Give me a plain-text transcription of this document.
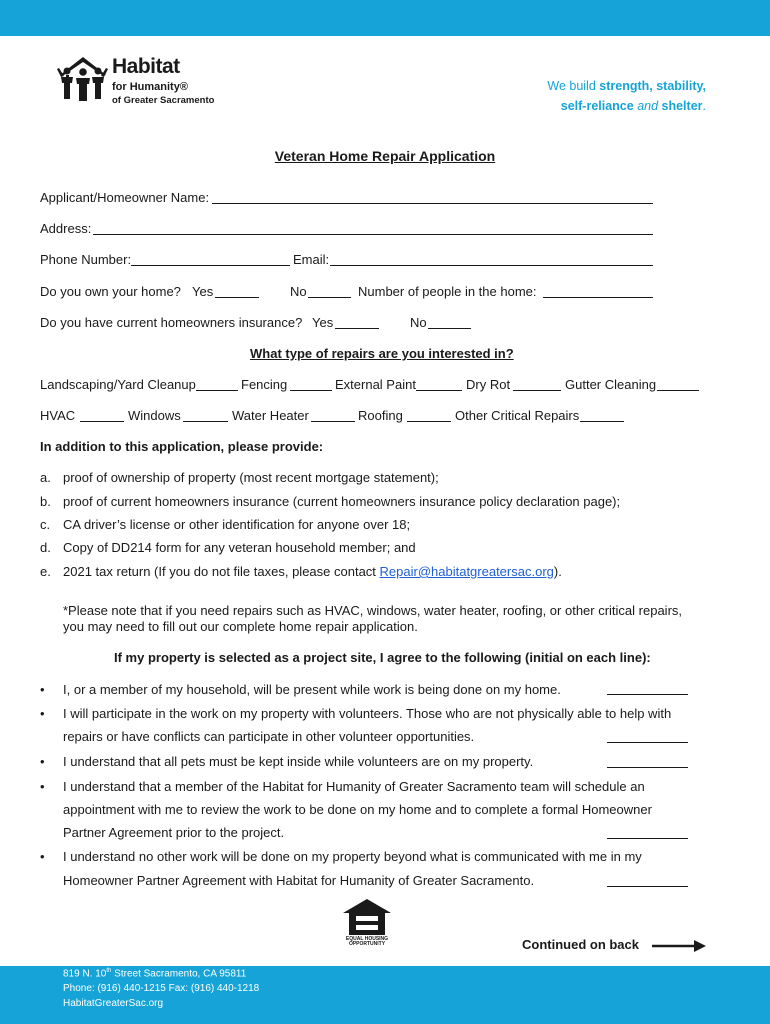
Habitat
for Humanity®
of Greater Sacramento
We build strength, stability,
self-reliance and shelter.
Veteran Home Repair Application
Applicant/Homeowner Name:
Address:
Phone Number:	Email:
Do you own your home? Yes	No	Number of people in the home:
Do you have current homeowners insurance? Yes	No
What type of repairs are you interested in?
Landscaping/Yard Cleanup	Fencing	External Paint	Dry Rot	Gutter Cleaning
HVAC	Windows	Water Heater	Roofing	Other Critical Repairs
In addition to this application, please provide:
a. proof of ownership of property (most recent mortgage statement);
b. proof of current homeowners insurance (current homeowners insurance policy declaration page);
c. CA driver’s license or other identification for anyone over 18;
d. Copy of DD214 form for any veteran household member; and
e. 2021 tax return (If you do not file taxes, please contact Repair@habitatgreatersac.org).
*Please note that if you need repairs such as HVAC, windows, water heater, roofing, or other critical repairs,
you may need to fill out our complete home repair application.
If my property is selected as a project site, I agree to the following (initial on each line):
• I, or a member of my household, will be present while work is being done on my home.
• I will participate in the work on my property with volunteers. Those who are not physically able to help with
repairs or have conflicts can participate in other volunteer opportunities.
• I understand that all pets must be kept inside while volunteers are on my property.
• I understand that a member of the Habitat for Humanity of Greater Sacramento team will schedule an
appointment with me to review the work to be done on my home and to complete a formal Homeowner
Partner Agreement prior to the project.
• I understand no other work will be done on my property beyond what is communicated with me in my
Homeowner Partner Agreement with Habitat for Humanity of Greater Sacramento.
EQUAL HOUSING
OPPORTUNITY	Continued on back
819 N. 10th Street Sacramento, CA 95811
Phone: (916) 440-1215 Fax: (916) 440-1218
HabitatGreaterSac.org
